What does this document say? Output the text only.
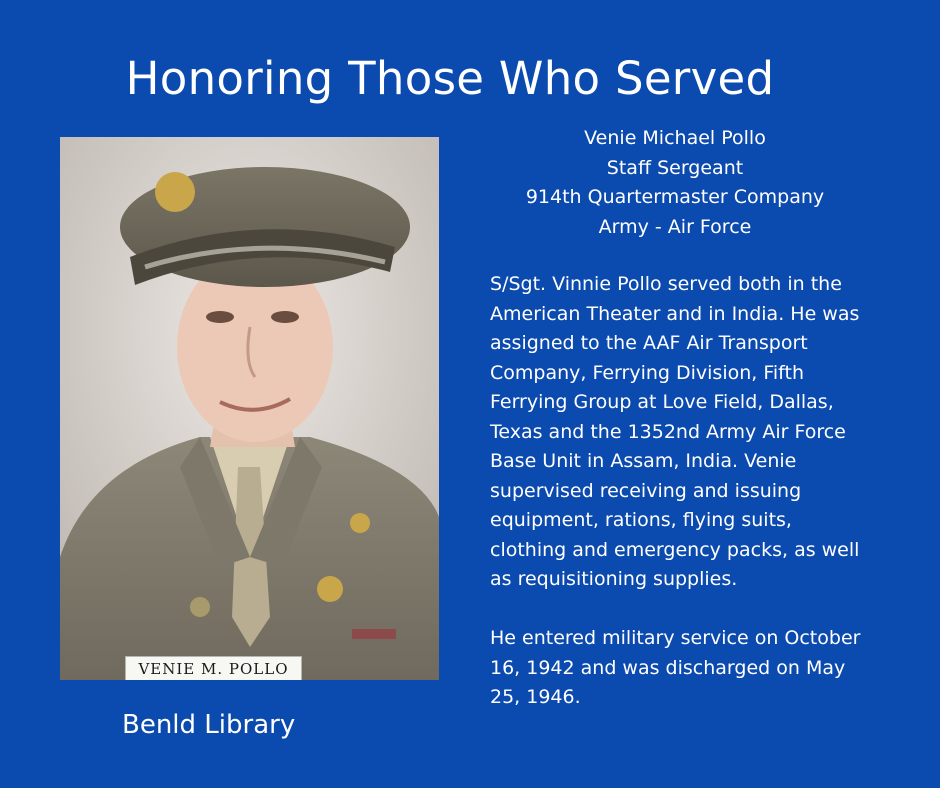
Honoring Those Who Served
VENIE M. POLLO
Venie Michael Pollo
Staff Sergeant
914th Quartermaster Company
Army - Air Force

S/Sgt. Vinnie Pollo served both in the American Theater and in India. He was assigned to the AAF Air Transport Company, Ferrying Division, Fifth Ferrying Group at Love Field, Dallas, Texas and the 1352nd Army Air Force Base Unit in Assam, India. Venie supervised receiving and issuing equipment, rations, flying suits, clothing and emergency packs, as well as requisitioning supplies.

He entered military service on October 16, 1942 and was discharged on May 25, 1946.

Benld Library
